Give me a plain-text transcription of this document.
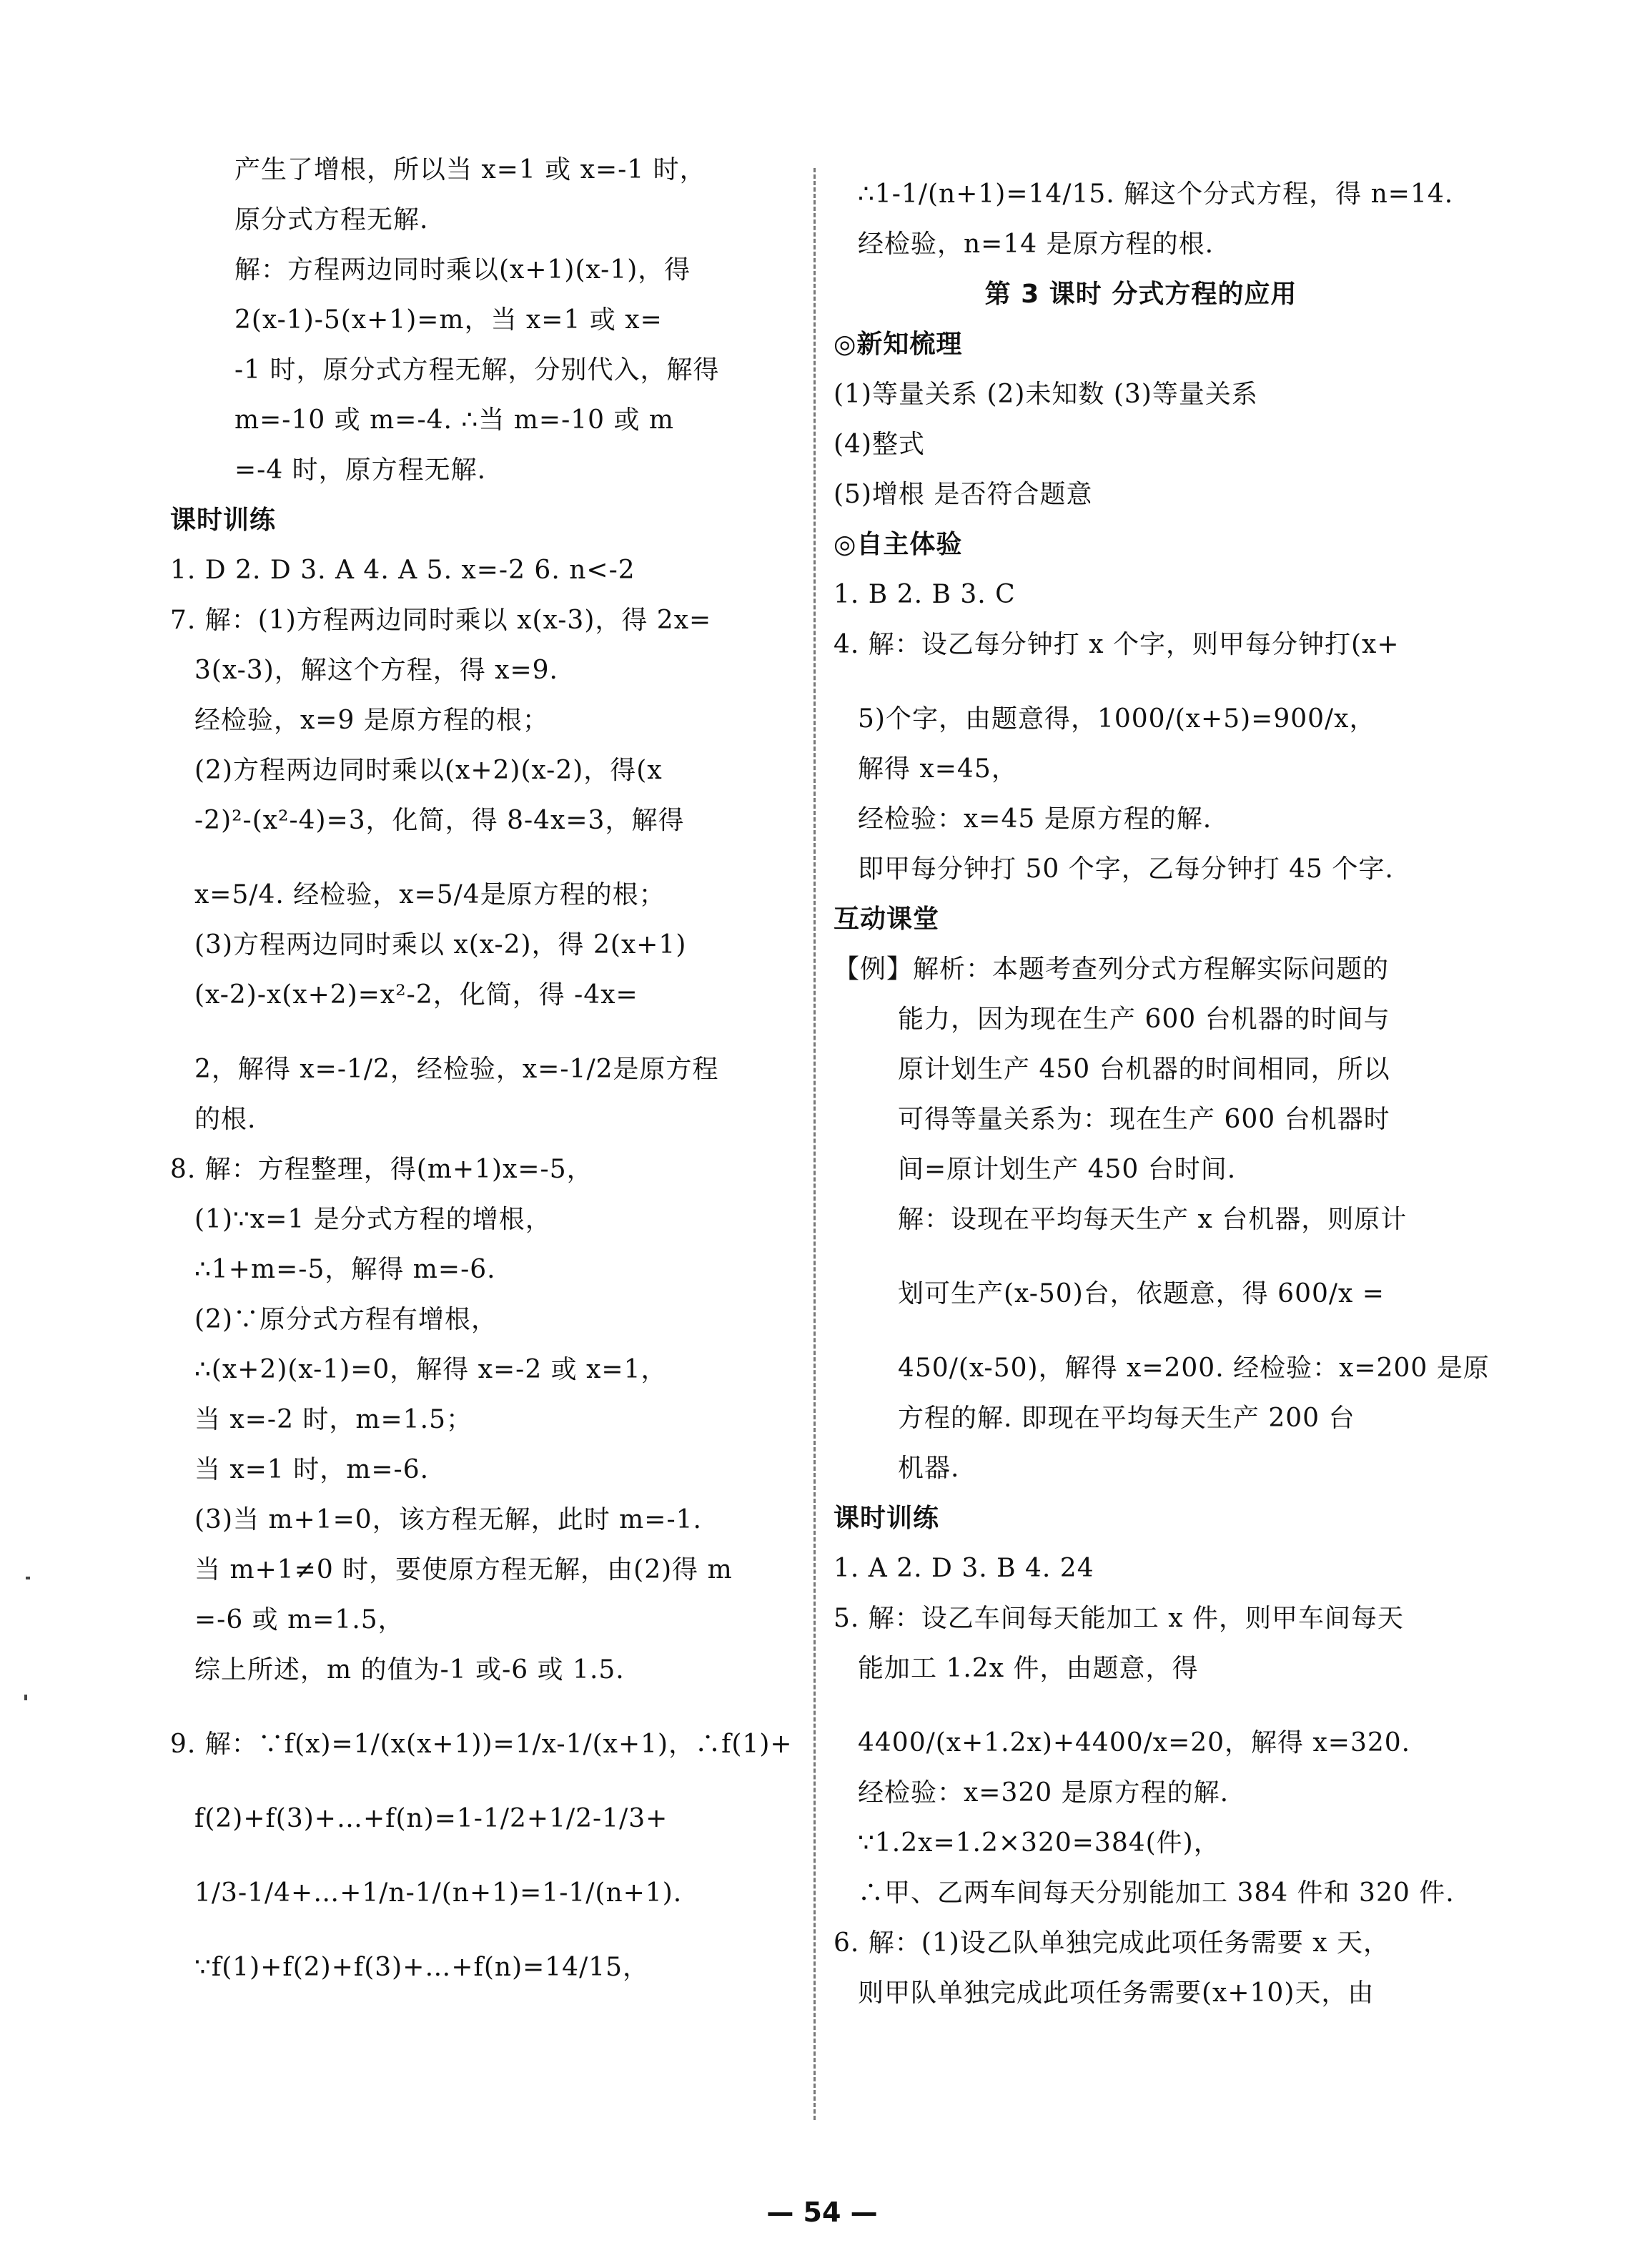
产生了增根，所以当 x=1 或 x=-1 时，
原分式方程无解.
解：方程两边同时乘以(x+1)(x-1)，得
2(x-1)-5(x+1)=m，当 x=1 或 x=
-1 时，原分式方程无解，分别代入，解得
m=-10 或 m=-4. ∴当 m=-10 或 m
=-4 时，原方程无解.
课时训练
1. D 2. D 3. A 4. A 5. x=-2 6. n<-2
7. 解：(1)方程两边同时乘以 x(x-3)，得 2x=
3(x-3)，解这个方程，得 x=9.
经检验，x=9 是原方程的根；
(2)方程两边同时乘以(x+2)(x-2)，得(x
-2)²-(x²-4)=3，化简，得 8-4x=3，解得
x=5/4. 经检验，x=5/4是原方程的根；
(3)方程两边同时乘以 x(x-2)，得 2(x+1)
(x-2)-x(x+2)=x²-2，化简，得 -4x=
2，解得 x=-1/2，经检验，x=-1/2是原方程
的根.
8. 解：方程整理，得(m+1)x=-5，
(1)∵x=1 是分式方程的增根，
∴1+m=-5，解得 m=-6.
(2)∵原分式方程有增根，
∴(x+2)(x-1)=0，解得 x=-2 或 x=1，
当 x=-2 时，m=1.5；
当 x=1 时，m=-6.
(3)当 m+1=0，该方程无解，此时 m=-1.
当 m+1≠0 时，要使原方程无解，由(2)得 m
=-6 或 m=1.5，
综上所述，m 的值为-1 或-6 或 1.5.
9. 解：∵f(x)=1/(x(x+1))=1/x-1/(x+1)，∴f(1)+
f(2)+f(3)+…+f(n)=1-1/2+1/2-1/3+
1/3-1/4+…+1/n-1/(n+1)=1-1/(n+1).
∵f(1)+f(2)+f(3)+…+f(n)=14/15，
∴1-1/(n+1)=14/15. 解这个分式方程，得 n=14.
经检验，n=14 是原方程的根.
第 3 课时 分式方程的应用
◎新知梳理
(1)等量关系 (2)未知数 (3)等量关系
(4)整式
(5)增根 是否符合题意
◎自主体验
1. B 2. B 3. C
4. 解：设乙每分钟打 x 个字，则甲每分钟打(x+
5)个字，由题意得，1000/(x+5)=900/x，
解得 x=45，
经检验：x=45 是原方程的解.
即甲每分钟打 50 个字，乙每分钟打 45 个字.
互动课堂
【例】解析：本题考查列分式方程解实际问题的
能力，因为现在生产 600 台机器的时间与
原计划生产 450 台机器的时间相同，所以
可得等量关系为：现在生产 600 台机器时
间=原计划生产 450 台时间.
解：设现在平均每天生产 x 台机器，则原计
划可生产(x-50)台，依题意，得 600/x =
450/(x-50)，解得 x=200. 经检验：x=200 是原
方程的解. 即现在平均每天生产 200 台
机器.
课时训练
1. A 2. D 3. B 4. 24
5. 解：设乙车间每天能加工 x 件，则甲车间每天
能加工 1.2x 件，由题意，得
4400/(x+1.2x)+4400/x=20，解得 x=320.
经检验：x=320 是原方程的解.
∵1.2x=1.2×320=384(件)，
∴甲、乙两车间每天分别能加工 384 件和 320 件.
6. 解：(1)设乙队单独完成此项任务需要 x 天，
则甲队单独完成此项任务需要(x+10)天，由
— 54 —
